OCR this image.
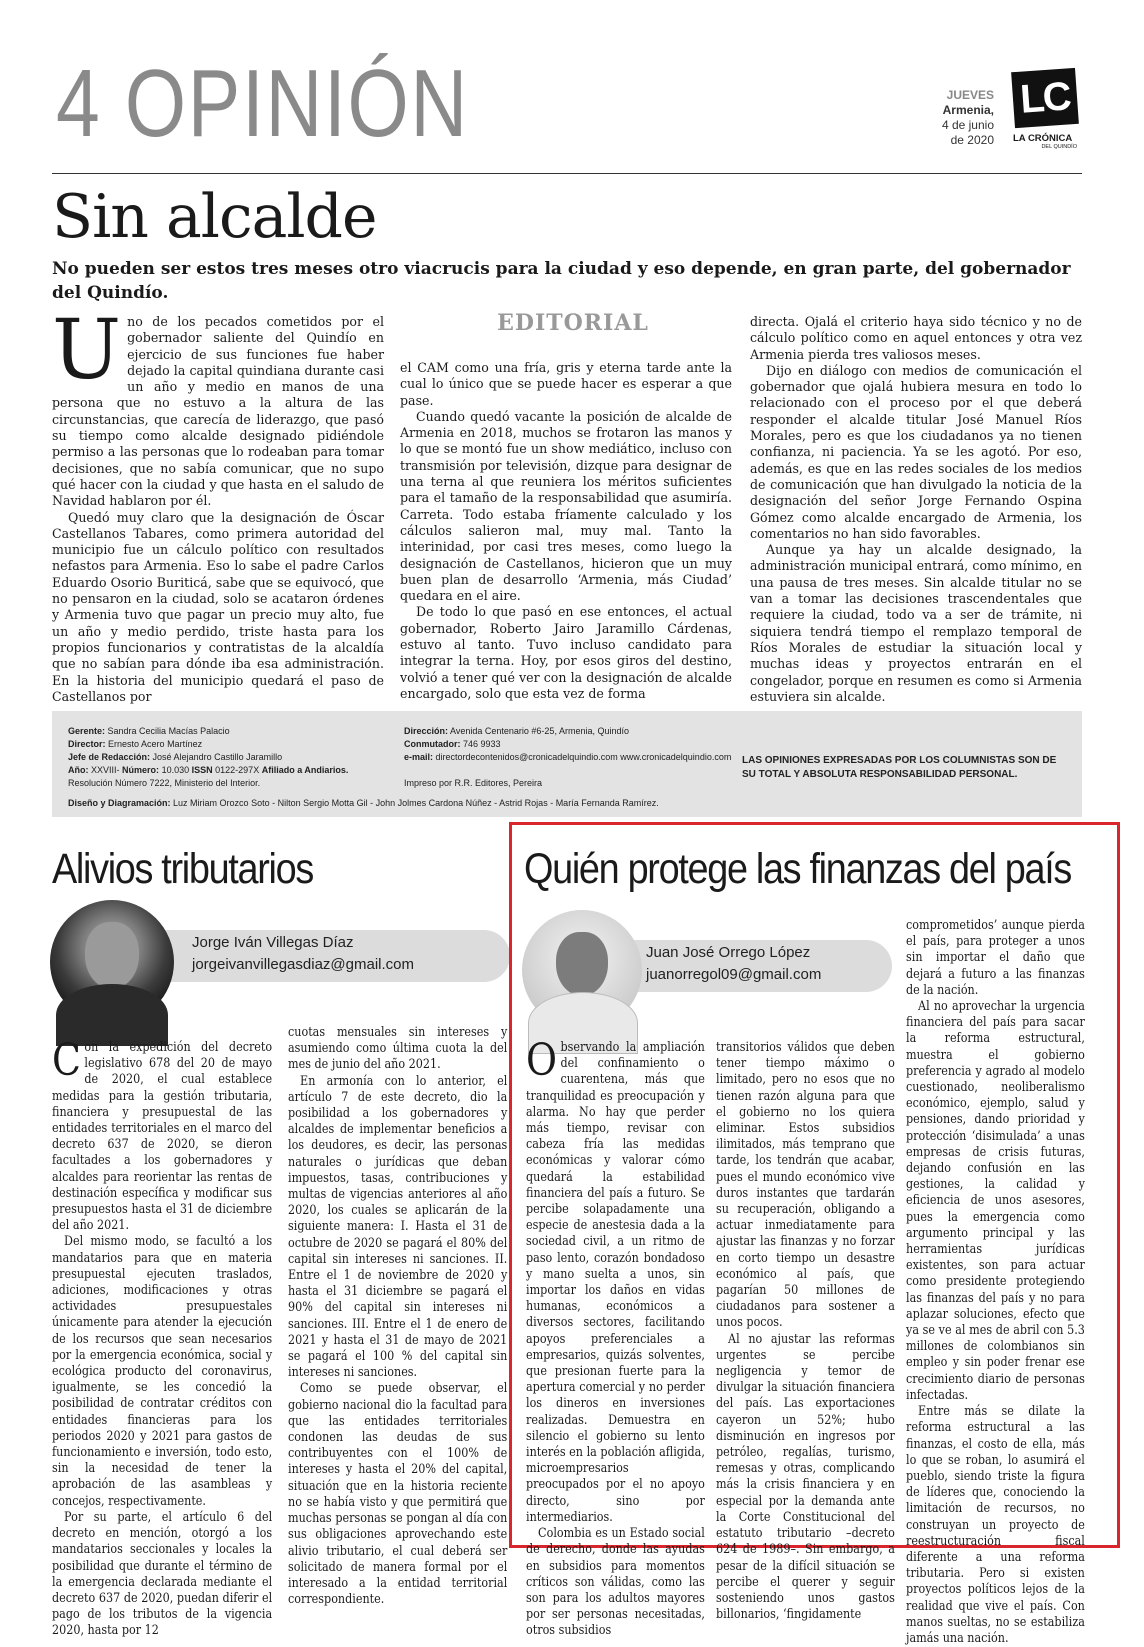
4 OPINIÓN	JUEVES
Armenia,
4 de junio
de 2020
LC
LA CRÓNICA
DEL QUINDÍO
Sin alcalde
No pueden ser estos tres meses otro viacrucis para la ciudad y eso depende, en gran parte, del gobernador del Quindío.

Uno de los pecados cometidos por el gobernador saliente del Quindío en ejercicio de sus funciones fue haber dejado la capital quindiana durante casi un año y medio en manos de una persona que no estuvo a la altura de las circunstancias, que carecía de liderazgo, que pasó su tiempo como alcalde designado pidiéndole permiso a las personas que lo rodeaban para tomar decisiones, que no sabía comunicar, que no supo qué hacer con la ciudad y que hasta en el saludo de Navidad hablaron por él.

Quedó muy claro que la designación de Óscar Castellanos Tabares, como primera autoridad del municipio fue un cálculo político con resultados nefastos para Armenia. Eso lo sabe el padre Carlos Eduardo Osorio Buriticá, sabe que se equivocó, que no pensaron en la ciudad, solo se acataron órdenes y Armenia tuvo que pagar un precio muy alto, fue un año y medio perdido, triste hasta para los propios funcionarios y contratistas de la alcaldía que no sabían para dónde iba esa administración. En la historia del municipio quedará el paso de Castellanos por

EDITORIAL

el CAM como una fría, gris y eterna tarde ante la cual lo único que se puede hacer es esperar a que pase.

Cuando quedó vacante la posición de alcalde de Armenia en 2018, muchos se frotaron las manos y lo que se montó fue un show mediático, incluso con transmisión por televisión, dizque para designar de una terna al que reuniera los méritos suficientes para el tamaño de la responsabilidad que asumiría. Carreta. Todo estaba fríamente calculado y los cálculos salieron mal, muy mal. Tanto la interinidad, por casi tres meses, como luego la designación de Castellanos, hicieron que un muy buen plan de desarrollo ‘Armenia, más Ciudad’ quedara en el aire.

De todo lo que pasó en ese entonces, el actual gobernador, Roberto Jairo Jaramillo Cárdenas, estuvo al tanto. Tuvo incluso candidato para integrar la terna. Hoy, por esos giros del destino, volvió a tener qué ver con la designación de alcalde encargado, solo que esta vez de forma

directa. Ojalá el criterio haya sido técnico y no de cálculo político como en aquel entonces y otra vez Armenia pierda tres valiosos meses.

Dijo en diálogo con medios de comunicación el gobernador que ojalá hubiera mesura en todo lo relacionado con el proceso por el que deberá responder el alcalde titular José Manuel Ríos Morales, pero es que los ciudadanos ya no tienen confianza, ni paciencia. Ya se les agotó. Por eso, además, es que en las redes sociales de los medios de comunicación que han divulgado la noticia de la designación del señor Jorge Fernando Ospina Gómez como alcalde encargado de Armenia, los comentarios no han sido favorables.

Aunque ya hay un alcalde designado, la administración municipal entrará, como mínimo, en una pausa de tres meses. Sin alcalde titular no se van a tomar las decisiones trascendentales que requiere la ciudad, todo va a ser de trámite, ni siquiera tendrá tiempo el remplazo temporal de Ríos Morales de estudiar la situación local y muchas ideas y proyectos entrarán en el congelador, porque en resumen es como si Armenia estuviera sin alcalde.

Gerente: Sandra Cecilia Macías Palacio
Director: Ernesto Acero Martínez
Jefe de Redacción: José Alejandro Castillo Jaramillo
Año: XXVIII- Número: 10.030 ISSN 0122-297X Afiliado a Andiarios.
Resolución Número 7222, Ministerio del Interior.
Dirección: Avenida Centenario #6-25, Armenia, Quindío
Conmutador: 746 9933
e-mail: directordecontenidos@cronicadelquindio.com www.cronicadelquindio.com
Impreso por R.R. Editores, Pereira
LAS OPINIONES EXPRESADAS POR LOS COLUMNISTAS SON DE SU TOTAL Y ABSOLUTA RESPONSABILIDAD PERSONAL.
Diseño y Diagramación: Luz Miriam Orozco Soto - Nilton Sergio Motta Gil - John Jolmes Cardona Núñez - Astrid Rojas - María Fernanda Ramírez.
Alivios tributarios
Jorge Iván Villegas Díaz
jorgeivanvillegasdiaz@gmail.com

Con la expedición del decreto legislativo 678 del 20 de mayo de 2020, el cual establece medidas para la gestión tributaria, financiera y presupuestal de las entidades territoriales en el marco del decreto 637 de 2020, se dieron facultades a los gobernadores y alcaldes para reorientar las rentas de destinación específica y modificar sus presupuestos hasta el 31 de diciembre del año 2021.

Del mismo modo, se facultó a los mandatarios para que en materia presupuestal ejecuten traslados, adiciones, modificaciones y otras actividades presupuestales únicamente para atender la ejecución de los recursos que sean necesarios por la emergencia económica, social y ecológica producto del coronavirus, igualmente, se les concedió la posibilidad de contratar créditos con entidades financieras para los periodos 2020 y 2021 para gastos de funcionamiento e inversión, todo esto, sin la necesidad de tener la aprobación de las asambleas y concejos, respectivamente.

Por su parte, el artículo 6 del decreto en mención, otorgó a los mandatarios seccionales y locales la posibilidad que durante el término de la emergencia declarada mediante el decreto 637 de 2020, puedan diferir el pago de los tributos de la vigencia 2020, hasta por 12

cuotas mensuales sin intereses y asumiendo como última cuota la del mes de junio del año 2021.

En armonía con lo anterior, el artículo 7 de este decreto, dio la posibilidad a los gobernadores y alcaldes de implementar beneficios a los deudores, es decir, las personas naturales o jurídicas que deban impuestos, tasas, contribuciones y multas de vigencias anteriores al año 2020, los cuales se aplicarán de la siguiente manera: I. Hasta el 31 de octubre de 2020 se pagará el 80% del capital sin intereses ni sanciones. II. Entre el 1 de noviembre de 2020 y hasta el 31 diciembre se pagará el 90% del capital sin intereses ni sanciones. III. Entre el 1 de enero de 2021 y hasta el 31 de mayo de 2021 se pagará el 100 % del capital sin intereses ni sanciones.

Como se puede observar, el gobierno nacional dio la facultad para que las entidades territoriales condonen las deudas de sus contribuyentes con el 100% de intereses y hasta el 20% del capital, situación que en la historia reciente no se había visto y que permitirá que muchas personas se pongan al día con sus obligaciones aprovechando este alivio tributario, el cual deberá ser solicitado de manera formal por el interesado a la entidad territorial correspondiente.

Quién protege las finanzas del país
Juan José Orrego López
juanorregol09@gmail.com

Observando la ampliación del confinamiento o cuarentena, más que tranquilidad es preocupación y alarma. No hay que perder más tiempo, revisar con cabeza fría las medidas económicas y valorar cómo quedará la estabilidad financiera del país a futuro. Se percibe solapadamente una especie de anestesia dada a la sociedad civil, a un ritmo de paso lento, corazón bondadoso y mano suelta a unos, sin importar los daños en vidas humanas, económicos a diversos sectores, facilitando apoyos preferenciales a empresarios, quizás solventes, que presionan fuerte para la apertura comercial y no perder los dineros en inversiones realizadas. Demuestra en silencio el gobierno su lento interés en la población afligida, microempresarios preocupados por el no apoyo directo, sino por intermediarios.

Colombia es un Estado social de derecho, donde las ayudas en subsidios para momentos críticos son válidas, como las son para los adultos mayores por ser personas necesitadas, otros subsidios

transitorios válidos que deben tener tiempo máximo o limitado, pero no esos que no tienen razón alguna para que el gobierno no los quiera eliminar. Estos subsidios ilimitados, más temprano que tarde, los tendrán que acabar, pues el mundo económico vive duros instantes que tardarán su recuperación, obligando a actuar inmediatamente para ajustar las finanzas y no forzar en corto tiempo un desastre económico al país, que pagarían 50 millones de ciudadanos para sostener a unos pocos.

Al no ajustar las reformas urgentes se percibe negligencia y temor de divulgar la situación financiera del país. Las exportaciones cayeron un 52%; hubo disminución en ingresos por petróleo, regalías, turismo, remesas y otras, complicando más la crisis financiera y en especial por la demanda ante la Corte Constitucional del estatuto tributario –decreto 624 de 1989–. Sin embargo, a pesar de la difícil situación se percibe el querer y seguir sosteniendo unos gastos billonarios, ‘fingidamente

comprometidos’ aunque pierda el país, para proteger a unos sin importar el daño que dejará a futuro a las finanzas de la nación.

Al no aprovechar la urgencia financiera del país para sacar la reforma estructural, muestra el gobierno preferencia y agrado al modelo cuestionado, neoliberalismo económico, ejemplo, salud y pensiones, dando prioridad y protección ‘disimulada’ a unas empresas de crisis futuras, dejando confusión en las gestiones, la calidad y eficiencia de unos asesores, pues la emergencia como argumento principal y las herramientas jurídicas existentes, son para actuar como presidente protegiendo las finanzas del país y no para aplazar soluciones, efecto que ya se ve al mes de abril con 5.3 millones de colombianos sin empleo y sin poder frenar ese crecimiento diario de personas infectadas.

Entre más se dilate la reforma estructural a las finanzas, el costo de ella, más lo que se roban, lo asumirá el pueblo, siendo triste la figura de líderes que, conociendo la limitación de recursos, no construyan un proyecto de reestructuración fiscal diferente a una reforma tributaria. Pero si existen proyectos políticos lejos de la realidad que vive el país. Con manos sueltas, no se estabiliza jamás una nación.
